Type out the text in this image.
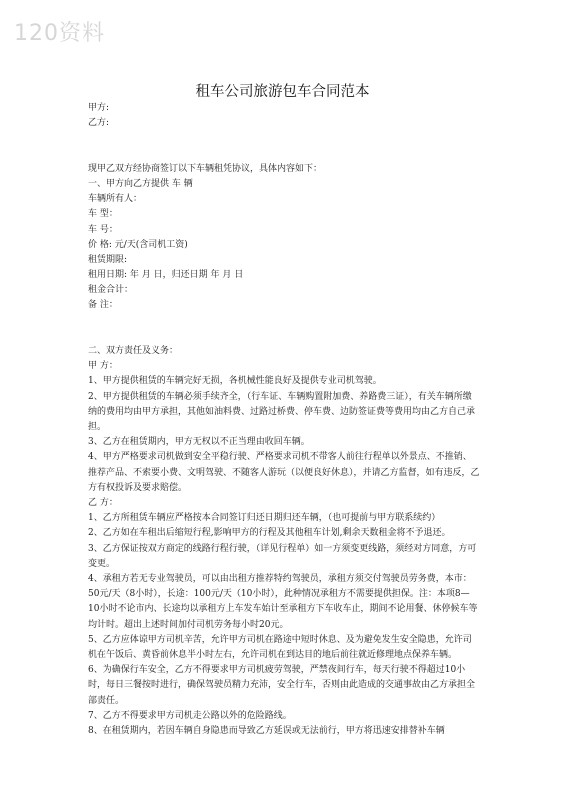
120资料
租车公司旅游包车合同范本
甲方:
乙方:
现甲乙双方经协商签订以下车辆租凭协议，具体内容如下：
一、甲方向乙方提供 车 辆
车辆所有人：
车 型：
车 号：
价 格: 元/天(含司机工资)
租赁期限:
租用日期: 年 月 日，归还日期 年 月 日
租金合计：
备 注：
二、双方责任及义务：
甲 方：
1、甲方提供租赁的车辆完好无损，各机械性能良好及提供专业司机驾驶。
2、甲方提供租赁的车辆必须手续齐全，（行车证、车辆购置附加费、养路费三证），有关车辆所缴纳的费用均由甲方承担，其他如油料费、过路过桥费、停车费、边防签证费等费用均由乙方自己承担。
3、乙方在租赁期内，甲方无权以不正当理由收回车辆。
4、甲方严格要求司机做到安全平稳行驶、严格要求司机不带客人前往行程单以外景点、不推销、推荐产品、不索要小费、文明驾驶、不随客人游玩（以便良好休息），并请乙方监督，如有违反，乙方有权投诉及要求赔偿。
乙 方：
1、乙方所租赁车辆应严格按本合同签订归还日期归还车辆，（也可提前与甲方联系续约）
2、乙方如在车租出后缩短行程,影响甲方的行程及其他租车计划,剩余天数租金将不予退还。
3、乙方保证按双方商定的线路行程行驶，（详见行程单）如一方须变更线路，须经对方同意，方可变更。
4、承租方若无专业驾驶员，可以由出租方推荐特约驾驶员，承租方须交付驾驶员劳务费，本市：50元/天（8小时），长途：100元/天（10小时），此种情况承租方不需要提供担保。注：本项8—10小时不论市内、长途均以承租方上车发车始计至承租方下车收车止，期间不论用餐、休停候车等均计时。超出上述时间加付司机劳务每小时20元。
5、乙方应体谅甲方司机辛苦，允许甲方司机在路途中短时休息、及为避免发生安全隐患，允许司机在午饭后、黄昏前休息半小时左右，允许司机在到达目的地后前往就近修理地点保养车辆。
6、为确保行车安全，乙方不得要求甲方司机疲劳驾驶，严禁夜间行车，每天行驶不得超过10小时，每日三餐按时进行，确保驾驶员精力充沛，安全行车，否则由此造成的交通事故由乙方承担全部责任。
7、乙方不得要求甲方司机走公路以外的危险路线。
8、在租赁期内，若因车辆自身隐患而导致乙方延误或无法前行，甲方将迅速安排替补车辆
